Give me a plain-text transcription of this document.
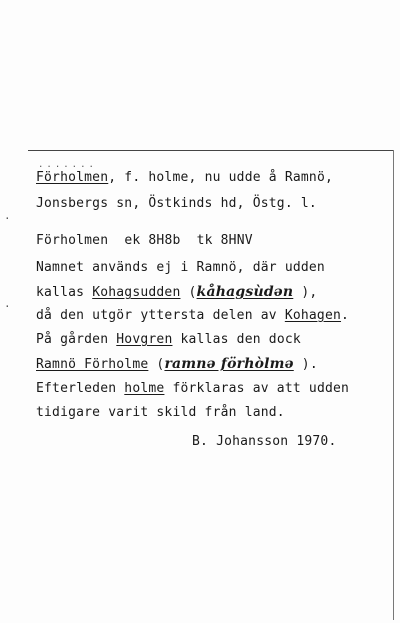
.......
Förholmen, f. holme, nu udde å Ramnö,
Jonsbergs sn, Östkinds hd, Östg. l.
Förholmen ek 8H8b tk 8HNV
Namnet används ej i Ramnö, där udden
kallas Kohagsudden (kåhagsùdən ),
då den utgör yttersta delen av Kohagen.
På gården Hovgren kallas den dock
Ramnö Förholme (ramnə förhòlmə ).
Efterleden holme förklaras av att udden
tidigare varit skild från land.
B. Johansson 1970.
·
·
